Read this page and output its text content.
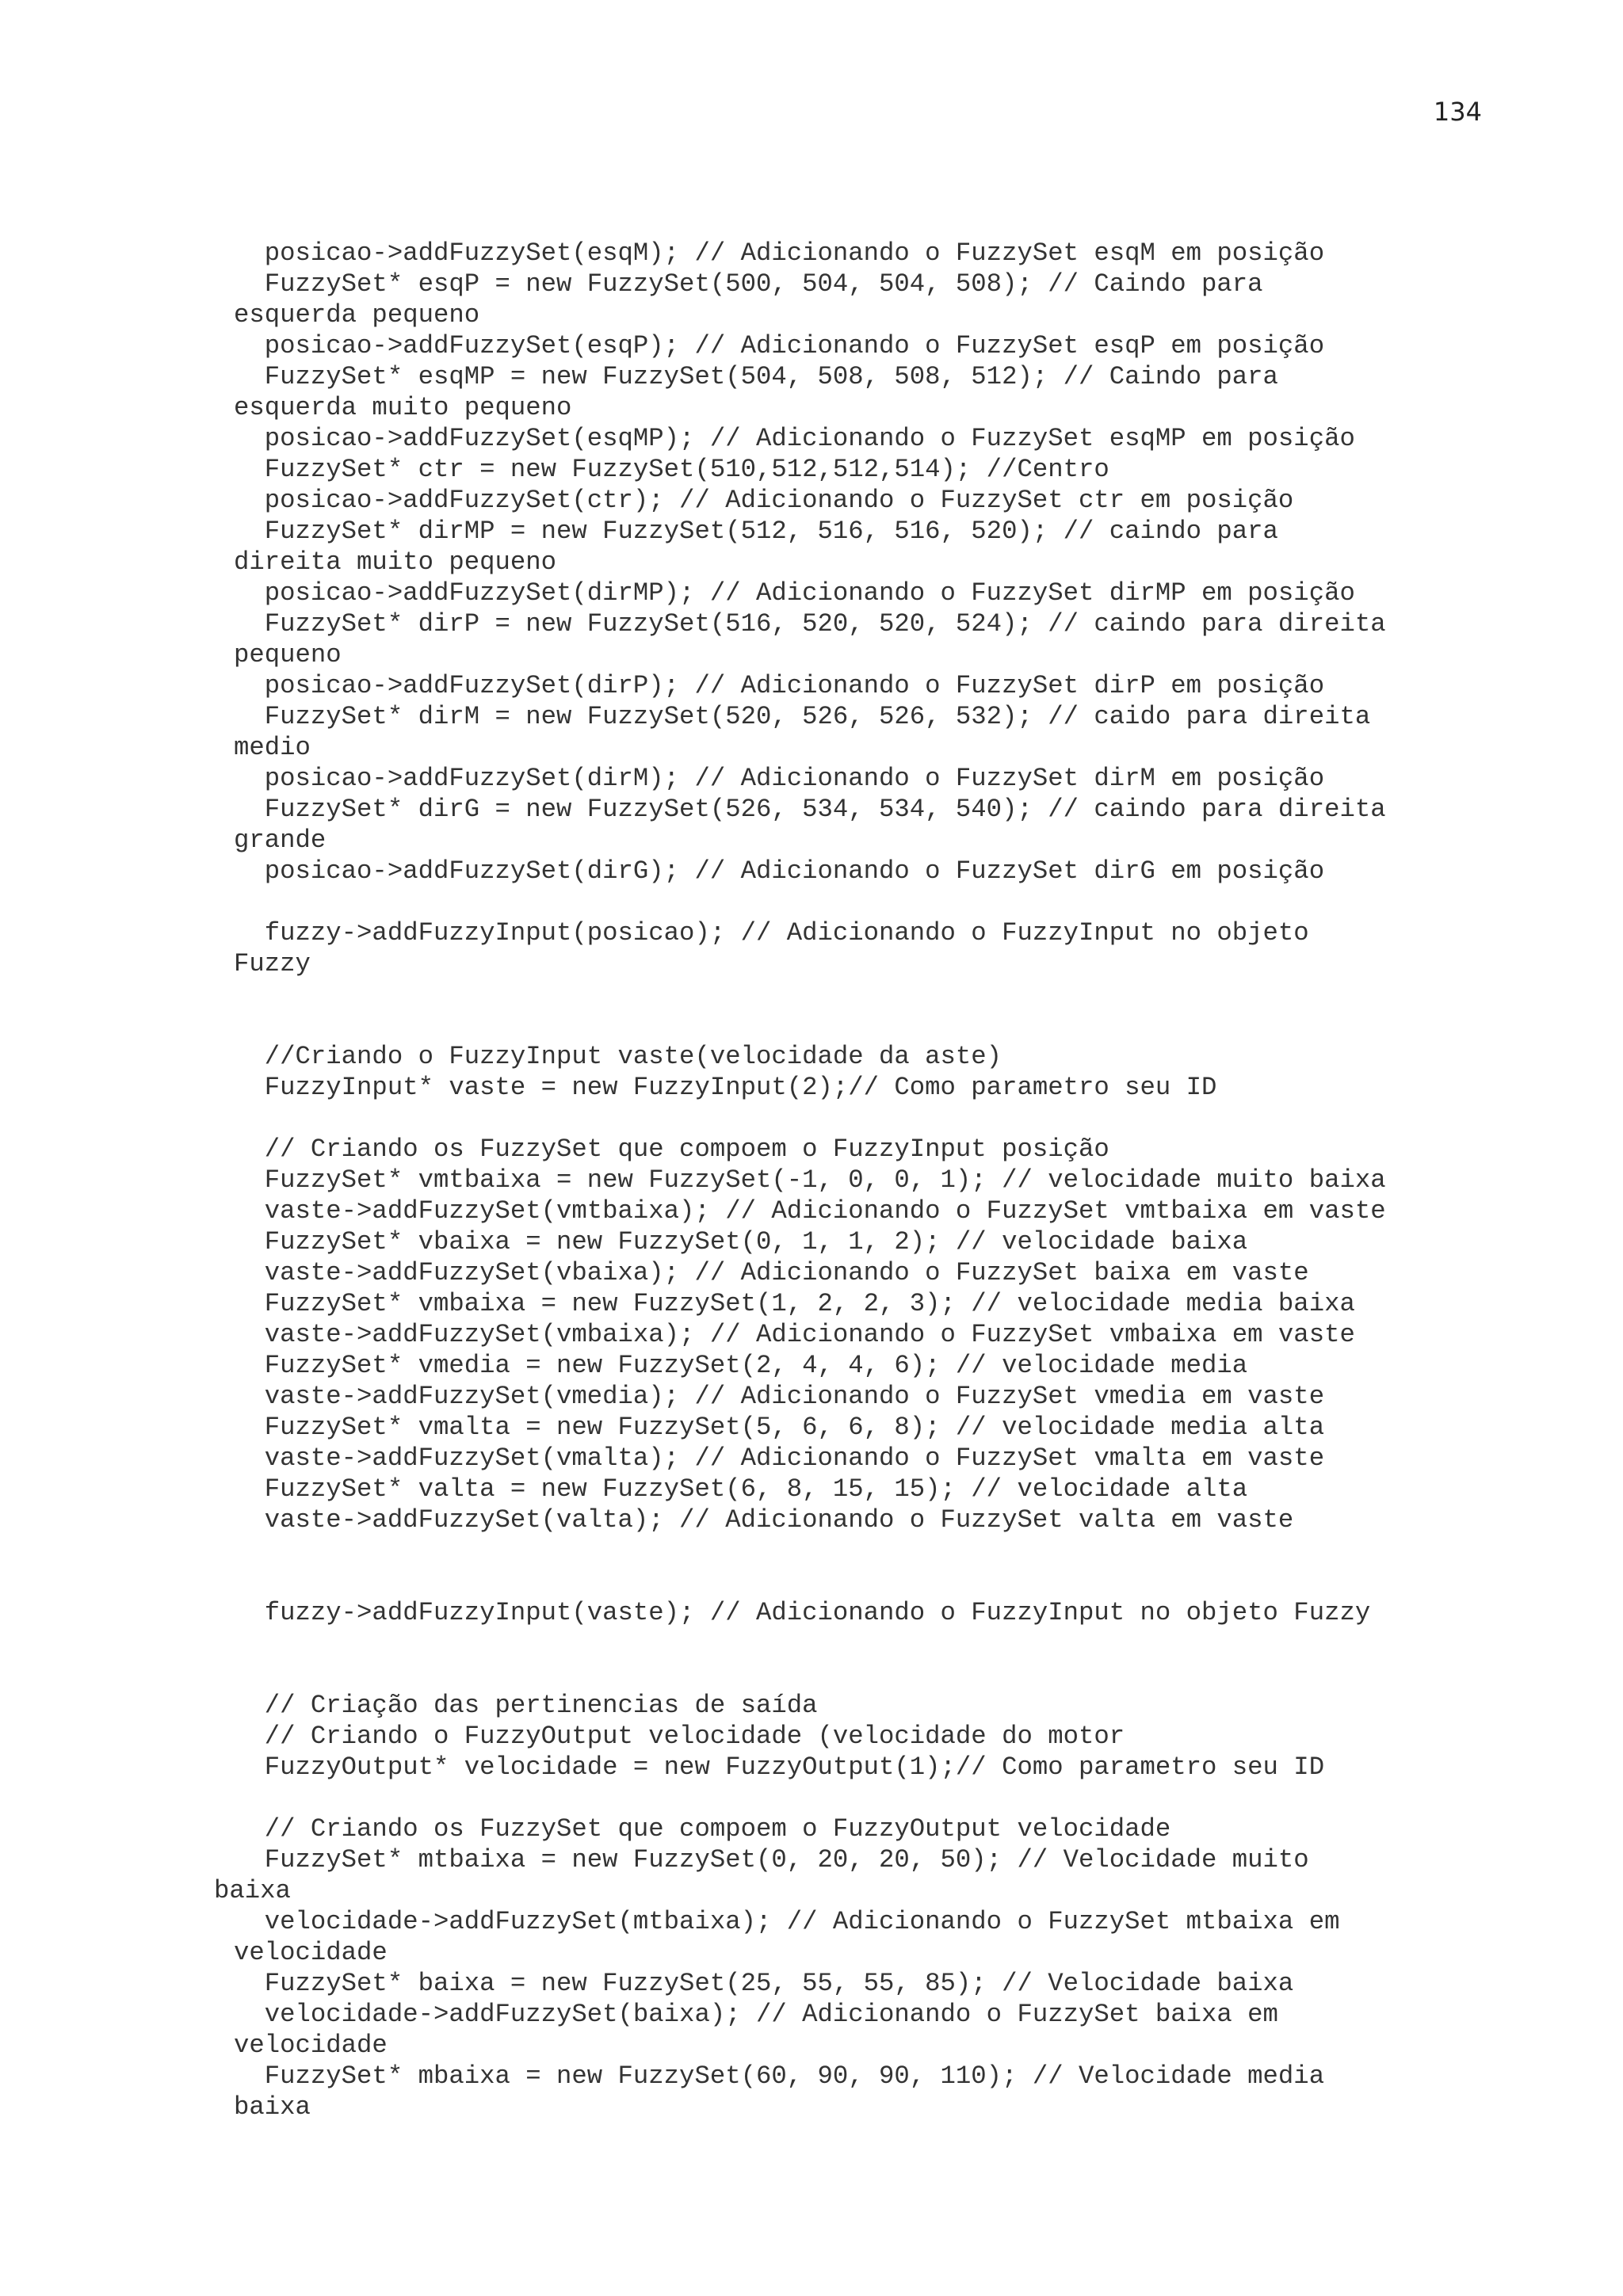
134
posicao->addFuzzySet(esqM); // Adicionando o FuzzySet esqM em posição
FuzzySet* esqP = new FuzzySet(500, 504, 504, 508); // Caindo para
esquerda pequeno
posicao->addFuzzySet(esqP); // Adicionando o FuzzySet esqP em posição
FuzzySet* esqMP = new FuzzySet(504, 508, 508, 512); // Caindo para
esquerda muito pequeno
posicao->addFuzzySet(esqMP); // Adicionando o FuzzySet esqMP em posição
FuzzySet* ctr = new FuzzySet(510,512,512,514); //Centro
posicao->addFuzzySet(ctr); // Adicionando o FuzzySet ctr em posição
FuzzySet* dirMP = new FuzzySet(512, 516, 516, 520); // caindo para
direita muito pequeno
posicao->addFuzzySet(dirMP); // Adicionando o FuzzySet dirMP em posição
FuzzySet* dirP = new FuzzySet(516, 520, 520, 524); // caindo para direita
pequeno
posicao->addFuzzySet(dirP); // Adicionando o FuzzySet dirP em posição
FuzzySet* dirM = new FuzzySet(520, 526, 526, 532); // caido para direita
medio
posicao->addFuzzySet(dirM); // Adicionando o FuzzySet dirM em posição
FuzzySet* dirG = new FuzzySet(526, 534, 534, 540); // caindo para direita
grande
posicao->addFuzzySet(dirG); // Adicionando o FuzzySet dirG em posição
fuzzy->addFuzzyInput(posicao); // Adicionando o FuzzyInput no objeto
Fuzzy
//Criando o FuzzyInput vaste(velocidade da aste)
FuzzyInput* vaste = new FuzzyInput(2);// Como parametro seu ID
// Criando os FuzzySet que compoem o FuzzyInput posição
FuzzySet* vmtbaixa = new FuzzySet(-1, 0, 0, 1); // velocidade muito baixa
vaste->addFuzzySet(vmtbaixa); // Adicionando o FuzzySet vmtbaixa em vaste
FuzzySet* vbaixa = new FuzzySet(0, 1, 1, 2); // velocidade baixa
vaste->addFuzzySet(vbaixa); // Adicionando o FuzzySet baixa em vaste
FuzzySet* vmbaixa = new FuzzySet(1, 2, 2, 3); // velocidade media baixa
vaste->addFuzzySet(vmbaixa); // Adicionando o FuzzySet vmbaixa em vaste
FuzzySet* vmedia = new FuzzySet(2, 4, 4, 6); // velocidade media
vaste->addFuzzySet(vmedia); // Adicionando o FuzzySet vmedia em vaste
FuzzySet* vmalta = new FuzzySet(5, 6, 6, 8); // velocidade media alta
vaste->addFuzzySet(vmalta); // Adicionando o FuzzySet vmalta em vaste
FuzzySet* valta = new FuzzySet(6, 8, 15, 15); // velocidade alta
vaste->addFuzzySet(valta); // Adicionando o FuzzySet valta em vaste
fuzzy->addFuzzyInput(vaste); // Adicionando o FuzzyInput no objeto Fuzzy
// Criação das pertinencias de saída
// Criando o FuzzyOutput velocidade (velocidade do motor
FuzzyOutput* velocidade = new FuzzyOutput(1);// Como parametro seu ID
// Criando os FuzzySet que compoem o FuzzyOutput velocidade
FuzzySet* mtbaixa = new FuzzySet(0, 20, 20, 50); // Velocidade muito
baixa
velocidade->addFuzzySet(mtbaixa); // Adicionando o FuzzySet mtbaixa em
velocidade
FuzzySet* baixa = new FuzzySet(25, 55, 55, 85); // Velocidade baixa
velocidade->addFuzzySet(baixa); // Adicionando o FuzzySet baixa em
velocidade
FuzzySet* mbaixa = new FuzzySet(60, 90, 90, 110); // Velocidade media
baixa
